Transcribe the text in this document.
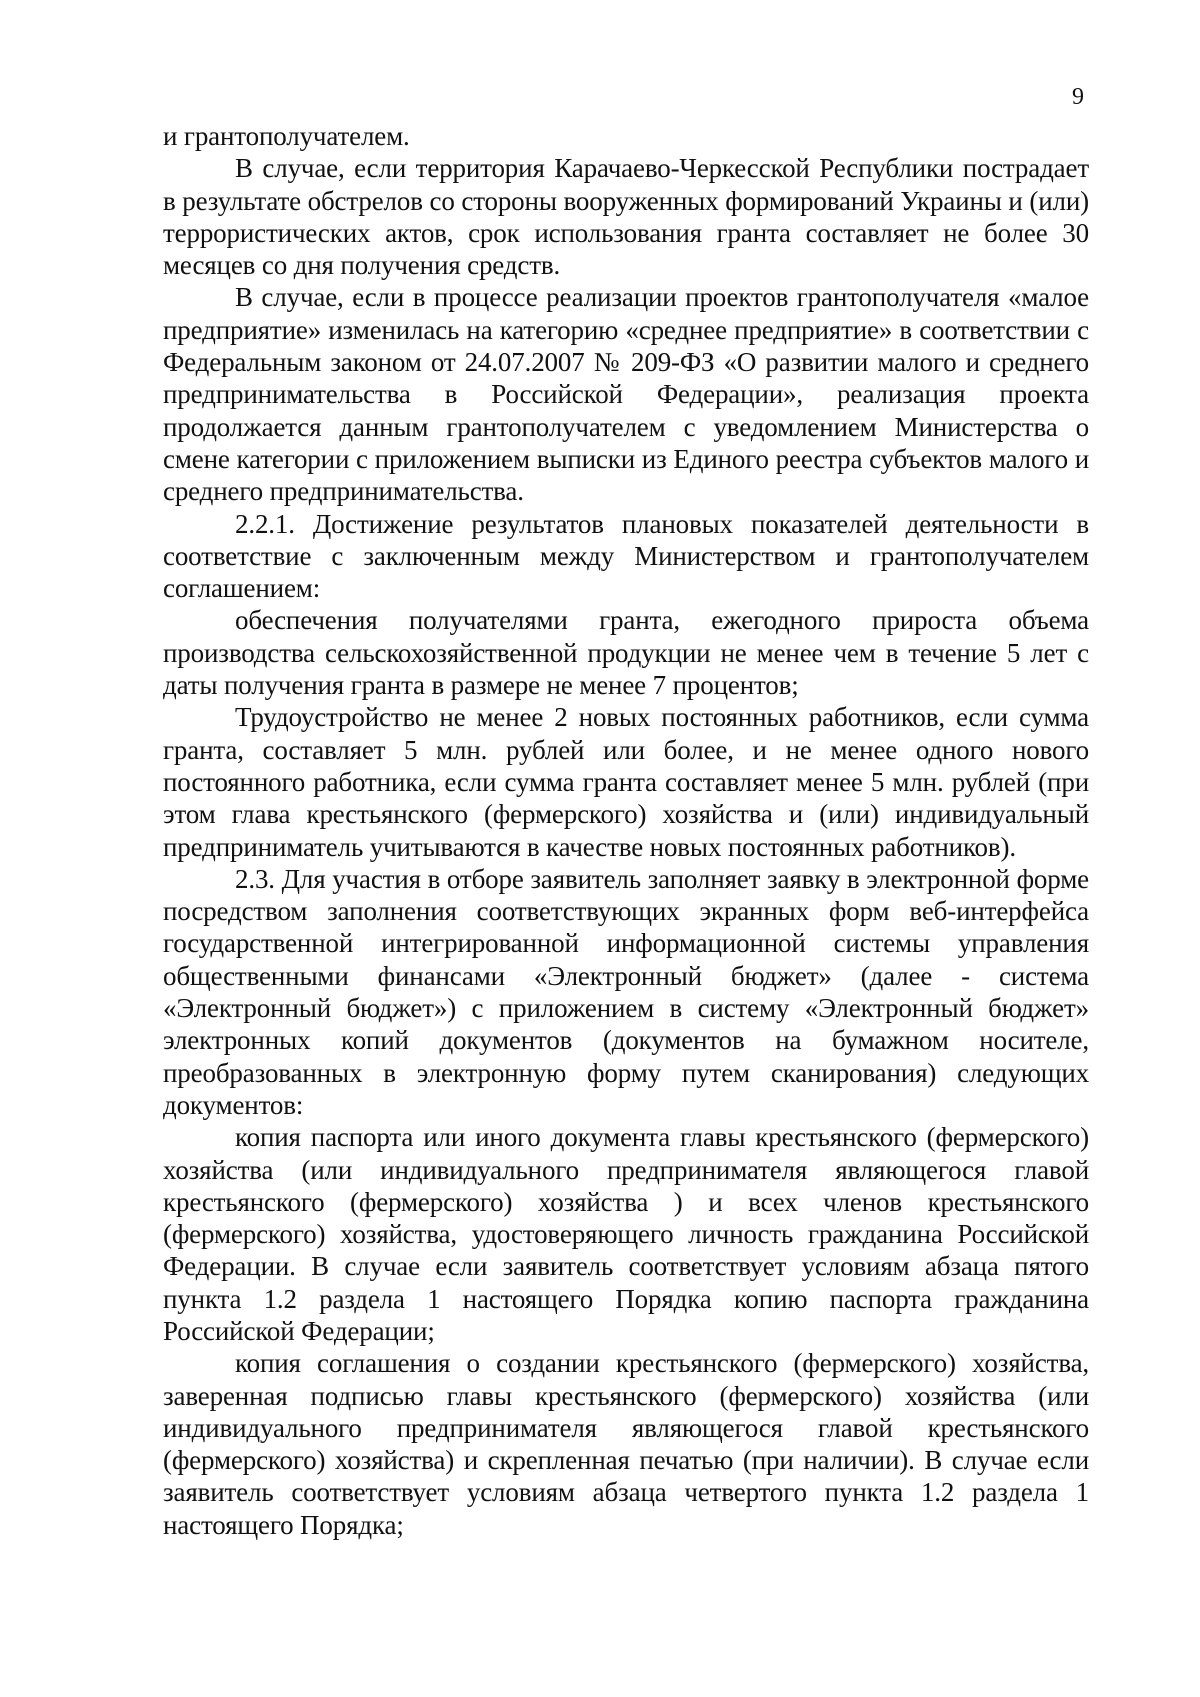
9

и грантополучателем.

В случае, если территория Карачаево-Черкесской Республики пострадает в результате обстрелов со стороны вооруженных формирований Украины и (или) террористических актов, срок использования гранта составляет не более 30 месяцев со дня получения средств.

В случае, если в процессе реализации проектов грантополучателя «малое предприятие» изменилась на категорию «среднее предприятие» в соответствии с Федеральным законом от 24.07.2007 № 209-ФЗ «О развитии малого и среднего предпринимательства в Российской Федерации», реализация проекта продолжается данным грантополучателем с уведомлением Министерства о смене категории с приложением выписки из Единого реестра субъектов малого и среднего предпринимательства.

2.2.1. Достижение результатов плановых показателей деятельности в соответствие с заключенным между Министерством и грантополучателем соглашением:

обеспечения получателями гранта, ежегодного прироста объема производства сельскохозяйственной продукции не менее чем в течение 5 лет с даты получения гранта в размере не менее 7 процентов;

Трудоустройство не менее 2 новых постоянных работников, если сумма гранта, составляет 5 млн. рублей или более, и не менее одного нового постоянного работника, если сумма гранта составляет менее 5 млн. рублей (при этом глава крестьянского (фермерского) хозяйства и (или) индивидуальный предприниматель учитываются в качестве новых постоянных работников).

2.3. Для участия в отборе заявитель заполняет заявку в электронной форме посредством заполнения соответствующих экранных форм веб-интерфейса государственной интегрированной информационной системы управления общественными финансами «Электронный бюджет» (далее - система «Электронный бюджет») с приложением в систему «Электронный бюджет» электронных копий документов (документов на бумажном носителе, преобразованных в электронную форму путем сканирования) следующих документов:

копия паспорта или иного документа главы крестьянского (фермерского) хозяйства (или индивидуального предпринимателя являющегося главой крестьянского (фермерского) хозяйства ) и всех членов крестьянского (фермерского) хозяйства, удостоверяющего личность гражданина Российской Федерации. В случае если заявитель соответствует условиям абзаца пятого пункта 1.2 раздела 1 настоящего Порядка копию паспорта гражданина Российской Федерации;

копия соглашения о создании крестьянского (фермерского) хозяйства, заверенная подписью главы крестьянского (фермерского) хозяйства (или индивидуального предпринимателя являющегося главой крестьянского (фермерского) хозяйства) и скрепленная печатью (при наличии). В случае если заявитель соответствует условиям абзаца четвертого пункта 1.2 раздела 1 настоящего Порядка;
